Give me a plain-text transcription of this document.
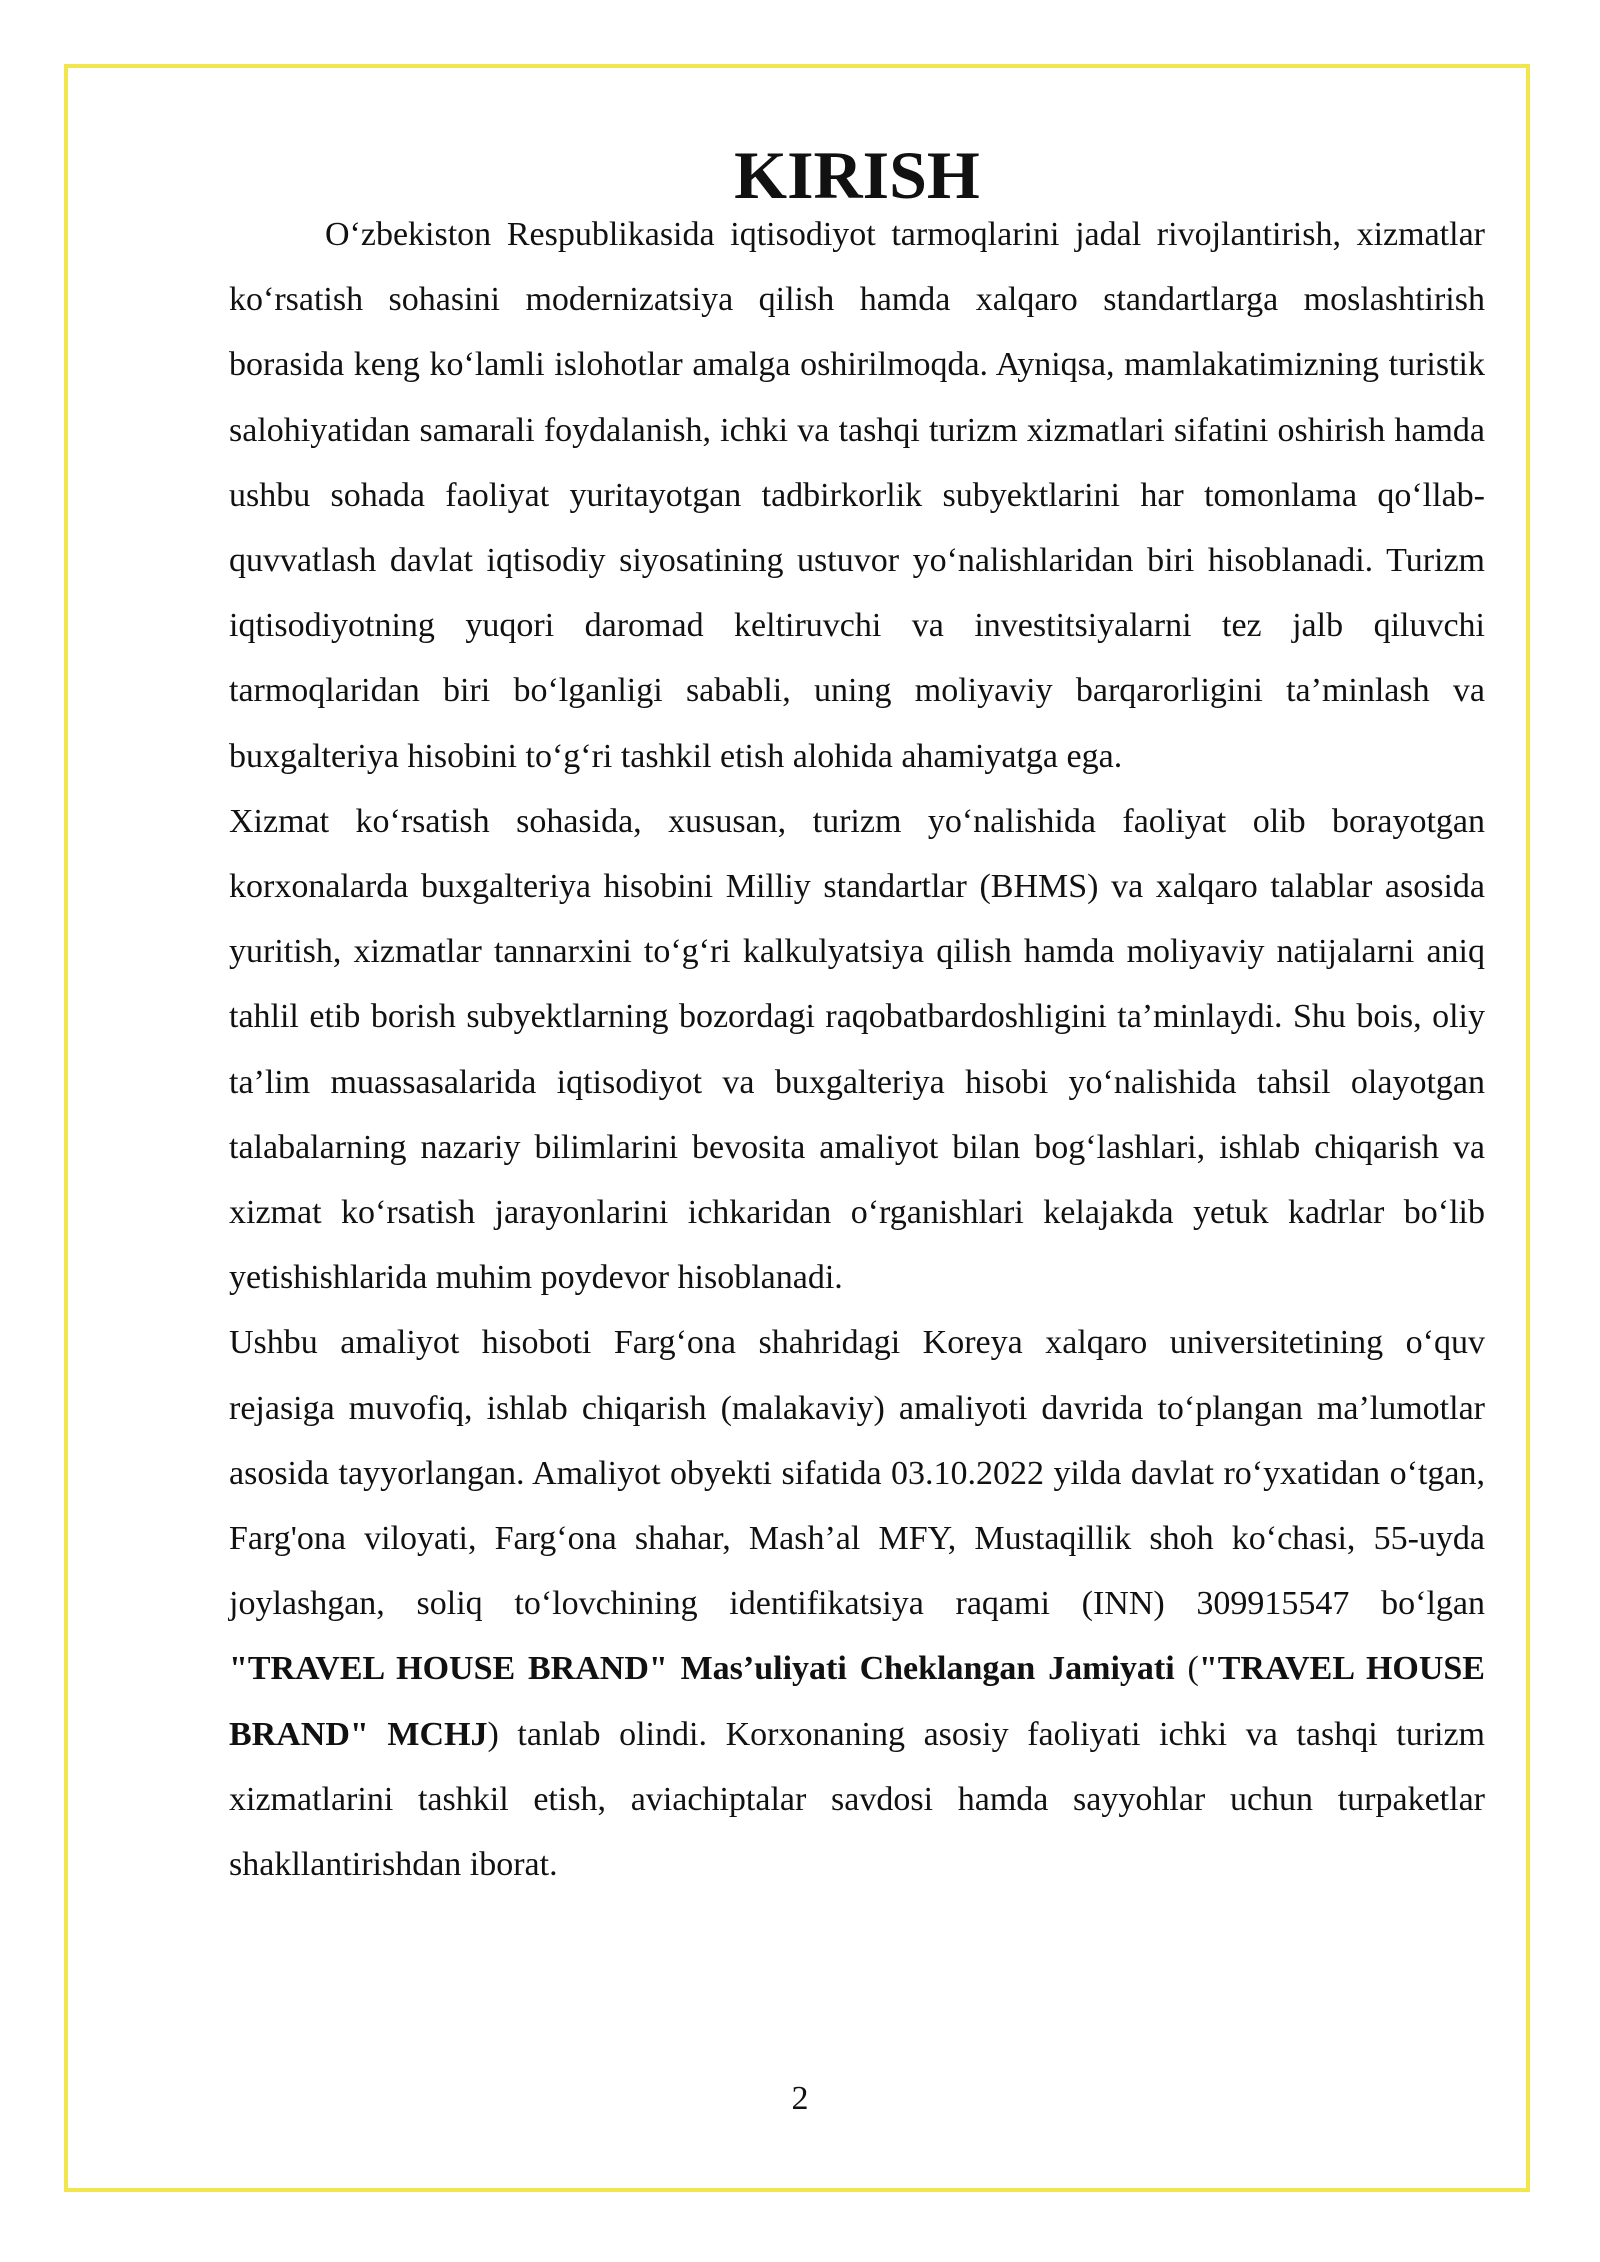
KIRISH

O‘zbekiston Respublikasida iqtisodiyot tarmoqlarini jadal rivojlantirish, xizmatlar ko‘rsatish sohasini modernizatsiya qilish hamda xalqaro standartlarga moslashtirish borasida keng ko‘lamli islohotlar amalga oshirilmoqda. Ayniqsa, mamlakatimizning turistik salohiyatidan samarali foydalanish, ichki va tashqi turizm xizmatlari sifatini oshirish hamda ushbu sohada faoliyat yuritayotgan tadbirkorlik subyektlarini har tomonlama qo‘llab-quvvatlash davlat iqtisodiy siyosatining ustuvor yo‘nalishlaridan biri hisoblanadi. Turizm iqtisodiyotning yuqori daromad keltiruvchi va investitsiyalarni tez jalb qiluvchi tarmoqlaridan biri bo‘lganligi sababli, uning moliyaviy barqarorligini ta’minlash va buxgalteriya hisobini to‘g‘ri tashkil etish alohida ahamiyatga ega.

Xizmat ko‘rsatish sohasida, xususan, turizm yo‘nalishida faoliyat olib borayotgan korxonalarda buxgalteriya hisobini Milliy standartlar (BHMS) va xalqaro talablar asosida yuritish, xizmatlar tannarxini to‘g‘ri kalkulyatsiya qilish hamda moliyaviy natijalarni aniq tahlil etib borish subyektlarning bozordagi raqobatbardoshligini ta’minlaydi. Shu bois, oliy ta’lim muassasalarida iqtisodiyot va buxgalteriya hisobi yo‘nalishida tahsil olayotgan talabalarning nazariy bilimlarini bevosita amaliyot bilan bog‘lashlari, ishlab chiqarish va xizmat ko‘rsatish jarayonlarini ichkaridan o‘rganishlari kelajakda yetuk kadrlar bo‘lib yetishishlarida muhim poydevor hisoblanadi.

Ushbu amaliyot hisoboti Farg‘ona shahridagi Koreya xalqaro universitetining o‘quv rejasiga muvofiq, ishlab chiqarish (malakaviy) amaliyoti davrida to‘plangan ma’lumotlar asosida tayyorlangan. Amaliyot obyekti sifatida 03.10.2022 yilda davlat ro‘yxatidan o‘tgan, Farg'ona viloyati, Farg‘ona shahar, Mash’al MFY, Mustaqillik shoh ko‘chasi, 55-uyda joylashgan, soliq to‘lovchining identifikatsiya raqami (INN) 309915547 bo‘lgan "TRAVEL HOUSE BRAND" Mas’uliyati Cheklangan Jamiyati ("TRAVEL HOUSE BRAND" MCHJ) tanlab olindi. Korxonaning asosiy faoliyati ichki va tashqi turizm xizmatlarini tashkil etish, aviachiptalar savdosi hamda sayyohlar uchun turpaketlar shakllantirishdan iborat.

2
